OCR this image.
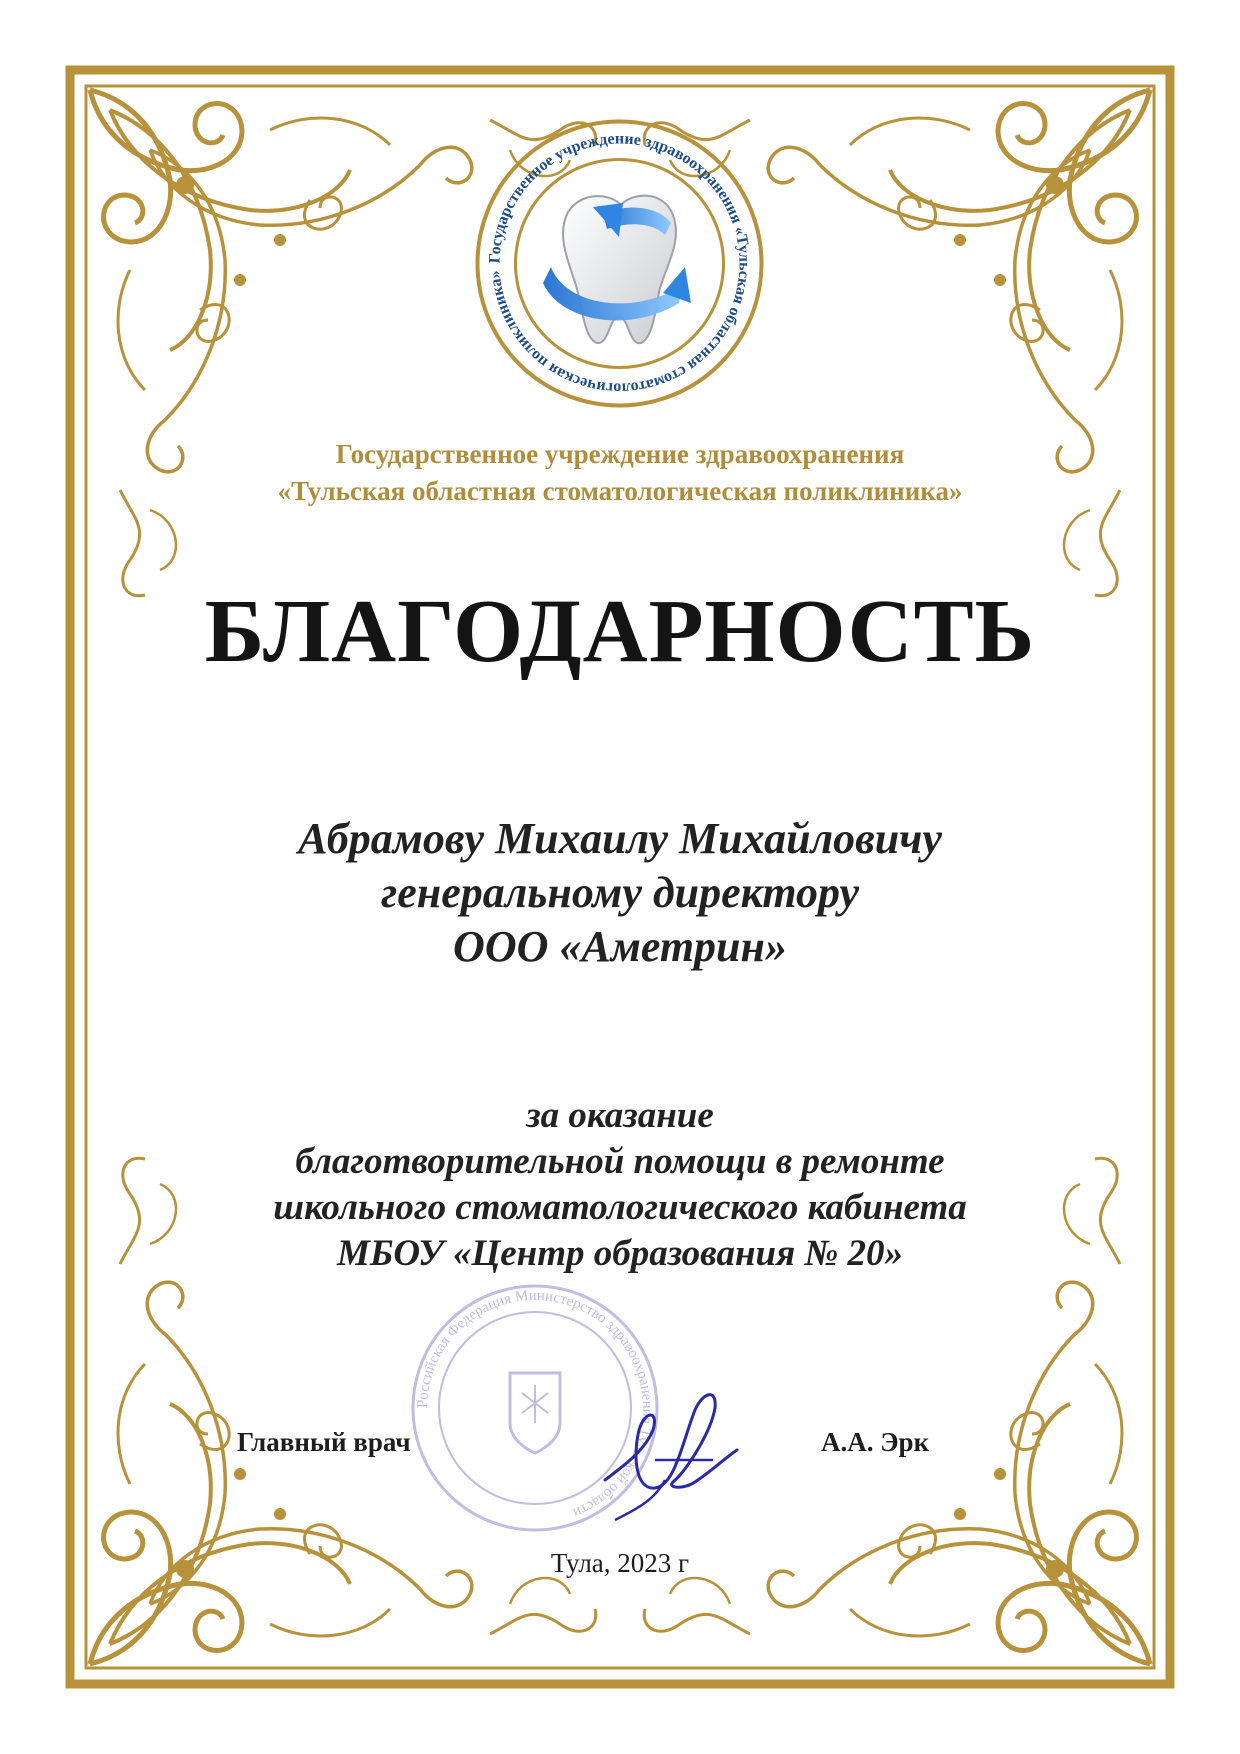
Государственное учреждение здравоохранения «Тульская областная стоматологическая поликлиника»
Государственное учреждение здравоохранения
«Тульская областная стоматологическая поликлиника»
БЛАГОДАРНОСТЬ
Абрамову Михаилу Михайловичу
генеральному директору
ООО «Аметрин»
за оказание
благотворительной помощи в ремонте
школьного стоматологического кабинета
МБОУ «Центр образования № 20»
Российская Федерация Министерство здравоохранения Тульской области
Главный врач	А.А. Эрк
Тула, 2023 г
